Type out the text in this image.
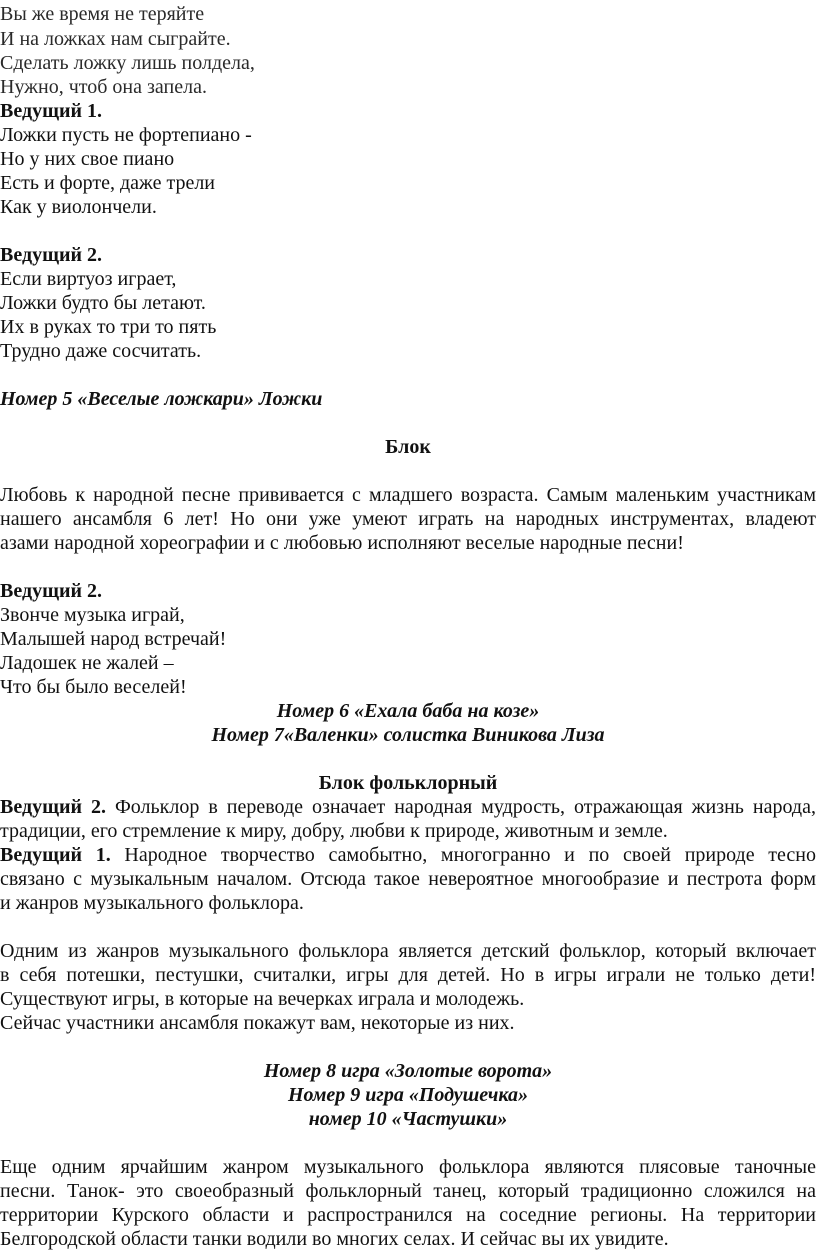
Вы же время не теряйте
И на ложках нам сыграйте.
Сделать ложку лишь полдела,
Нужно, чтоб она запела.
Ведущий 1.
Ложки пусть не фортепиано -
Но у них свое пиано
Есть и форте, даже трели
Как у виолончели.
Ведущий 2.
Если виртуоз играет,
Ложки будто бы летают.
Их в руках то три то пять
Трудно даже сосчитать.
Номер 5 «Веселые ложкари» Ложки
Блок
Любовь к народной песне прививается с младшего возраста. Самым маленьким участникам
нашего ансамбля 6 лет! Но они уже умеют играть на народных инструментах, владеют
азами народной хореографии и с любовью исполняют веселые народные песни!
Ведущий 2.
Звонче музыка играй,
Малышей народ встречай!
Ладошек не жалей –
Что бы было веселей!
Номер 6 «Ехала баба на козе»
Номер 7«Валенки» солистка Виникова Лиза
Блок фольклорный
Ведущий 2. Фольклор в переводе означает народная мудрость, отражающая жизнь народа,
традиции, его стремление к миру, добру, любви к природе, животным и земле.
Ведущий 1. Народное творчество самобытно, многогранно и по своей природе тесно
связано с музыкальным началом. Отсюда такое невероятное многообразие и пестрота форм
и жанров музыкального фольклора.
Одним из жанров музыкального фольклора является детский фольклор, который включает
в себя потешки, пестушки, считалки, игры для детей. Но в игры играли не только дети!
Существуют игры, в которые на вечерках играла и молодежь.
Сейчас участники ансамбля покажут вам, некоторые из них.
Номер 8 игра «Золотые ворота»
Номер 9 игра «Подушечка»
номер 10 «Частушки»
Еще одним ярчайшим жанром музыкального фольклора являются плясовые таночные
песни. Танок- это своеобразный фольклорный танец, который традиционно сложился на
территории Курского области и распространился на соседние регионы. На территории
Белгородской области танки водили во многих селах. И сейчас вы их увидите.
